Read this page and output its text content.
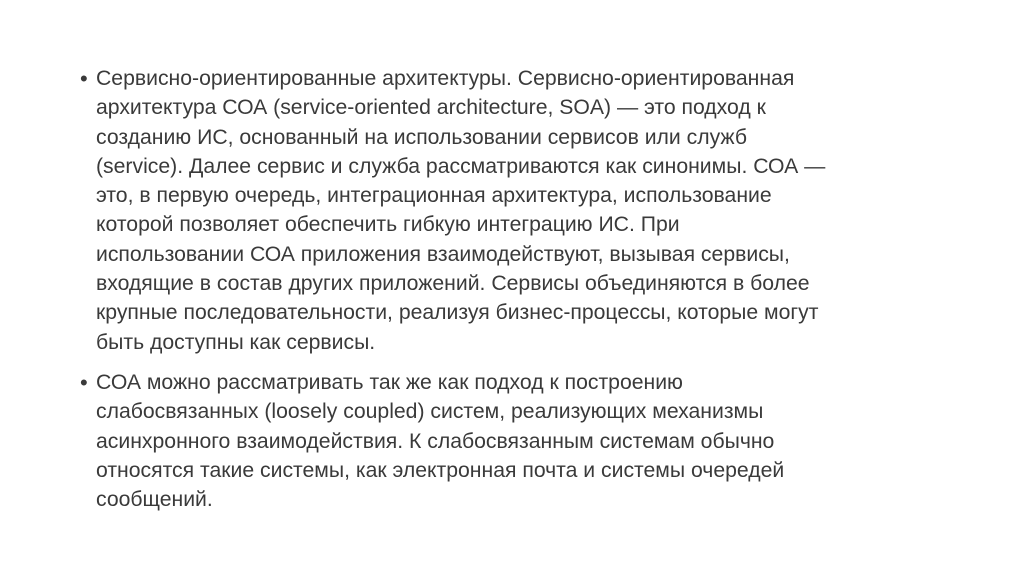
• Сервисно-ориентированные архитектуры. Сервисно-ориентированная
архитектура СОА (service-oriented architecture, SOA) — это подход к
созданию ИС, основанный на использовании сервисов или служб
(service). Далее сервис и служба рассматриваются как синонимы. СОА —
это, в первую очередь, интеграционная архитектура, использование
которой позволяет обеспечить гибкую интеграцию ИС. При
использовании СОА приложения взаимодействуют, вызывая сервисы,
входящие в состав других приложений. Сервисы объединяются в более
крупные последовательности, реализуя бизнес-процессы, которые могут
быть доступны как сервисы.
• СОА можно рассматривать так же как подход к построению
слабосвязанных (loosely coupled) систем, реализующих механизмы
асинхронного взаимодействия. К слабосвязанным системам обычно
относятся такие системы, как электронная почта и системы очередей
сообщений.
